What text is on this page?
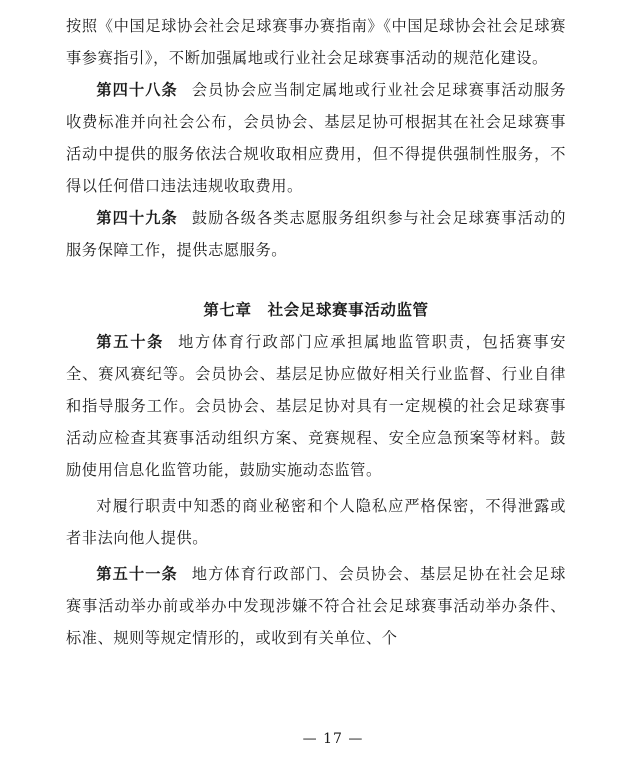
按照《中国足球协会社会足球赛事办赛指南》《中国足球协会社会足球赛事参赛指引》，不断加强属地或行业社会足球赛事活动的规范化建设。

第四十八条 会员协会应当制定属地或行业社会足球赛事活动服务收费标准并向社会公布，会员协会、基层足协可根据其在社会足球赛事活动中提供的服务依法合规收取相应费用，但不得提供强制性服务，不得以任何借口违法违规收取费用。

第四十九条 鼓励各级各类志愿服务组织参与社会足球赛事活动的服务保障工作，提供志愿服务。

第七章 社会足球赛事活动监管

第五十条 地方体育行政部门应承担属地监管职责，包括赛事安全、赛风赛纪等。会员协会、基层足协应做好相关行业监督、行业自律和指导服务工作。会员协会、基层足协对具有一定规模的社会足球赛事活动应检查其赛事活动组织方案、竞赛规程、安全应急预案等材料。鼓励使用信息化监管功能，鼓励实施动态监管。

对履行职责中知悉的商业秘密和个人隐私应严格保密，不得泄露或者非法向他人提供。

第五十一条 地方体育行政部门、会员协会、基层足协在社会足球赛事活动举办前或举办中发现涉嫌不符合社会足球赛事活动举办条件、标准、规则等规定情形的，或收到有关单位、个

— 17 —
